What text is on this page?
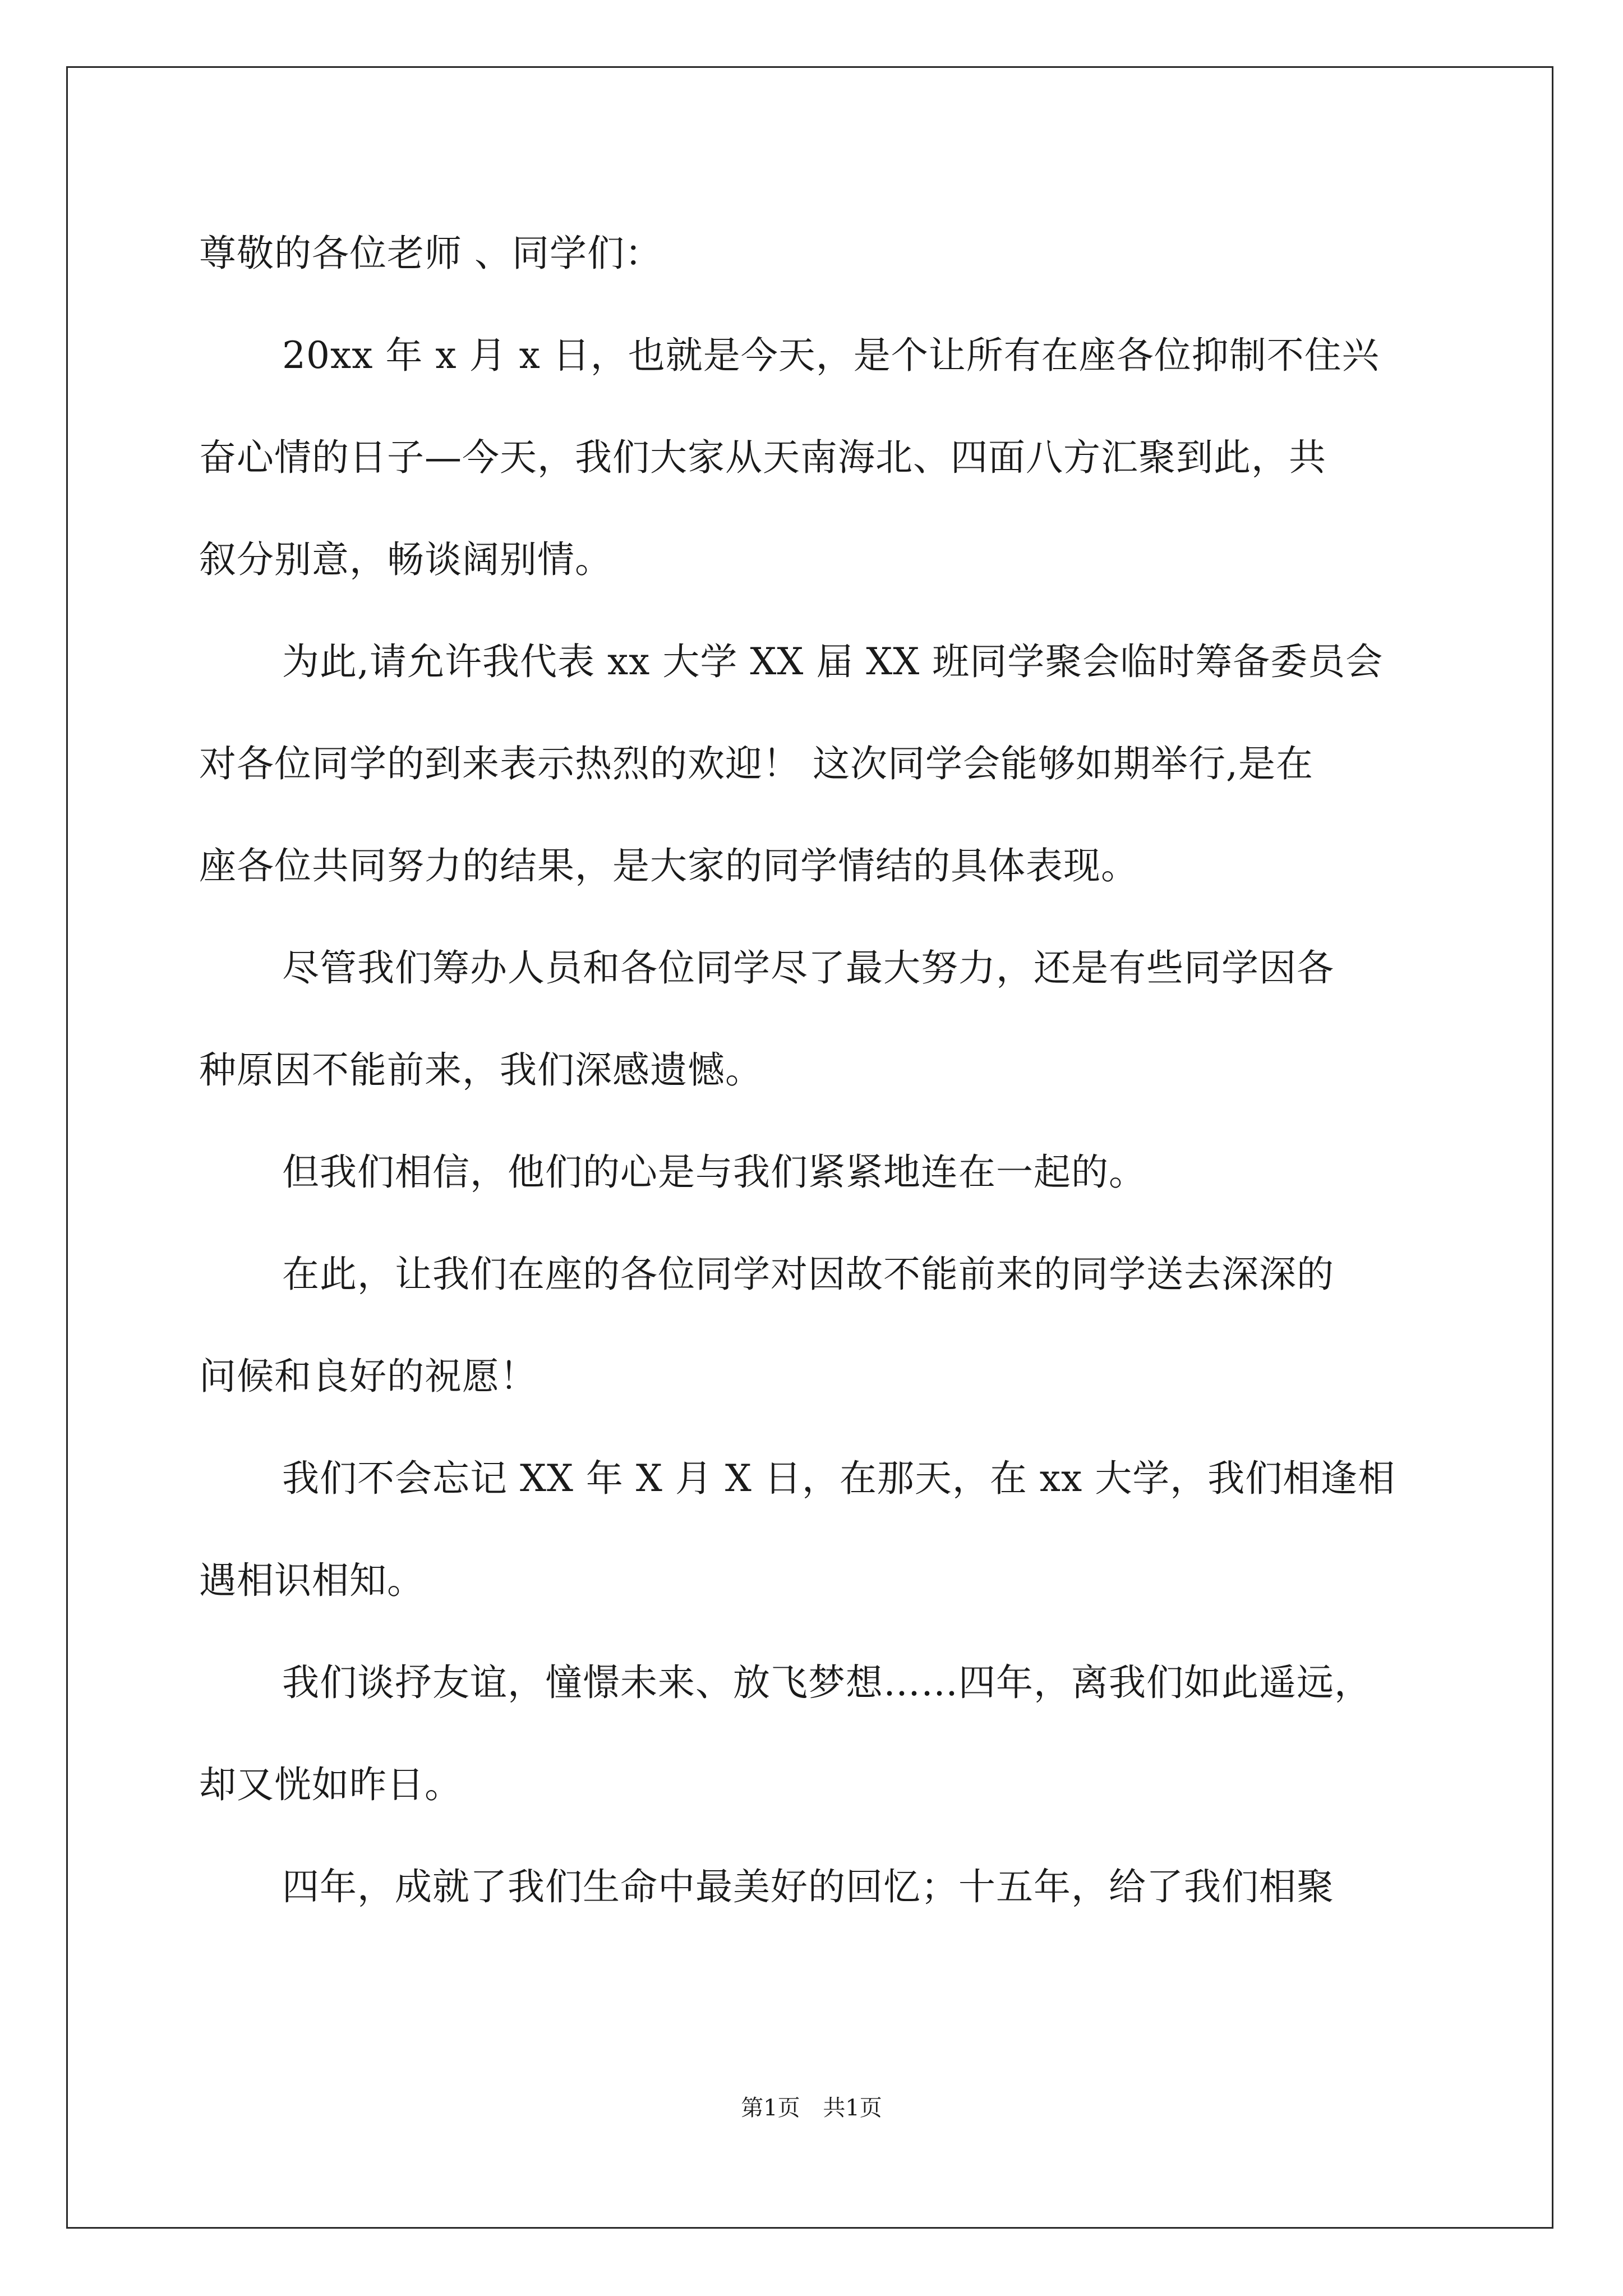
尊敬的各位老师 、同学们：
20xx 年 x 月 x 日，也就是今天，是个让所有在座各位抑制不住兴
奋心情的日子—今天，我们大家从天南海北、四面八方汇聚到此，共
叙分别意，畅谈阔别情。
为此,请允许我代表 xx 大学 XX 届 XX 班同学聚会临时筹备委员会
对各位同学的到来表示热烈的欢迎！ 这次同学会能够如期举行,是在
座各位共同努力的结果，是大家的同学情结的具体表现。
尽管我们筹办人员和各位同学尽了最大努力，还是有些同学因各
种原因不能前来，我们深感遗憾。
但我们相信，他们的心是与我们紧紧地连在一起的。
在此，让我们在座的各位同学对因故不能前来的同学送去深深的
问候和良好的祝愿！
我们不会忘记 XX 年 X 月 X 日，在那天，在 xx 大学，我们相逢相
遇相识相知。
我们谈抒友谊，憧憬未来、放飞梦想……四年，离我们如此遥远，
却又恍如昨日。
四年，成就了我们生命中最美好的回忆；十五年，给了我们相聚
第1页 共1页
